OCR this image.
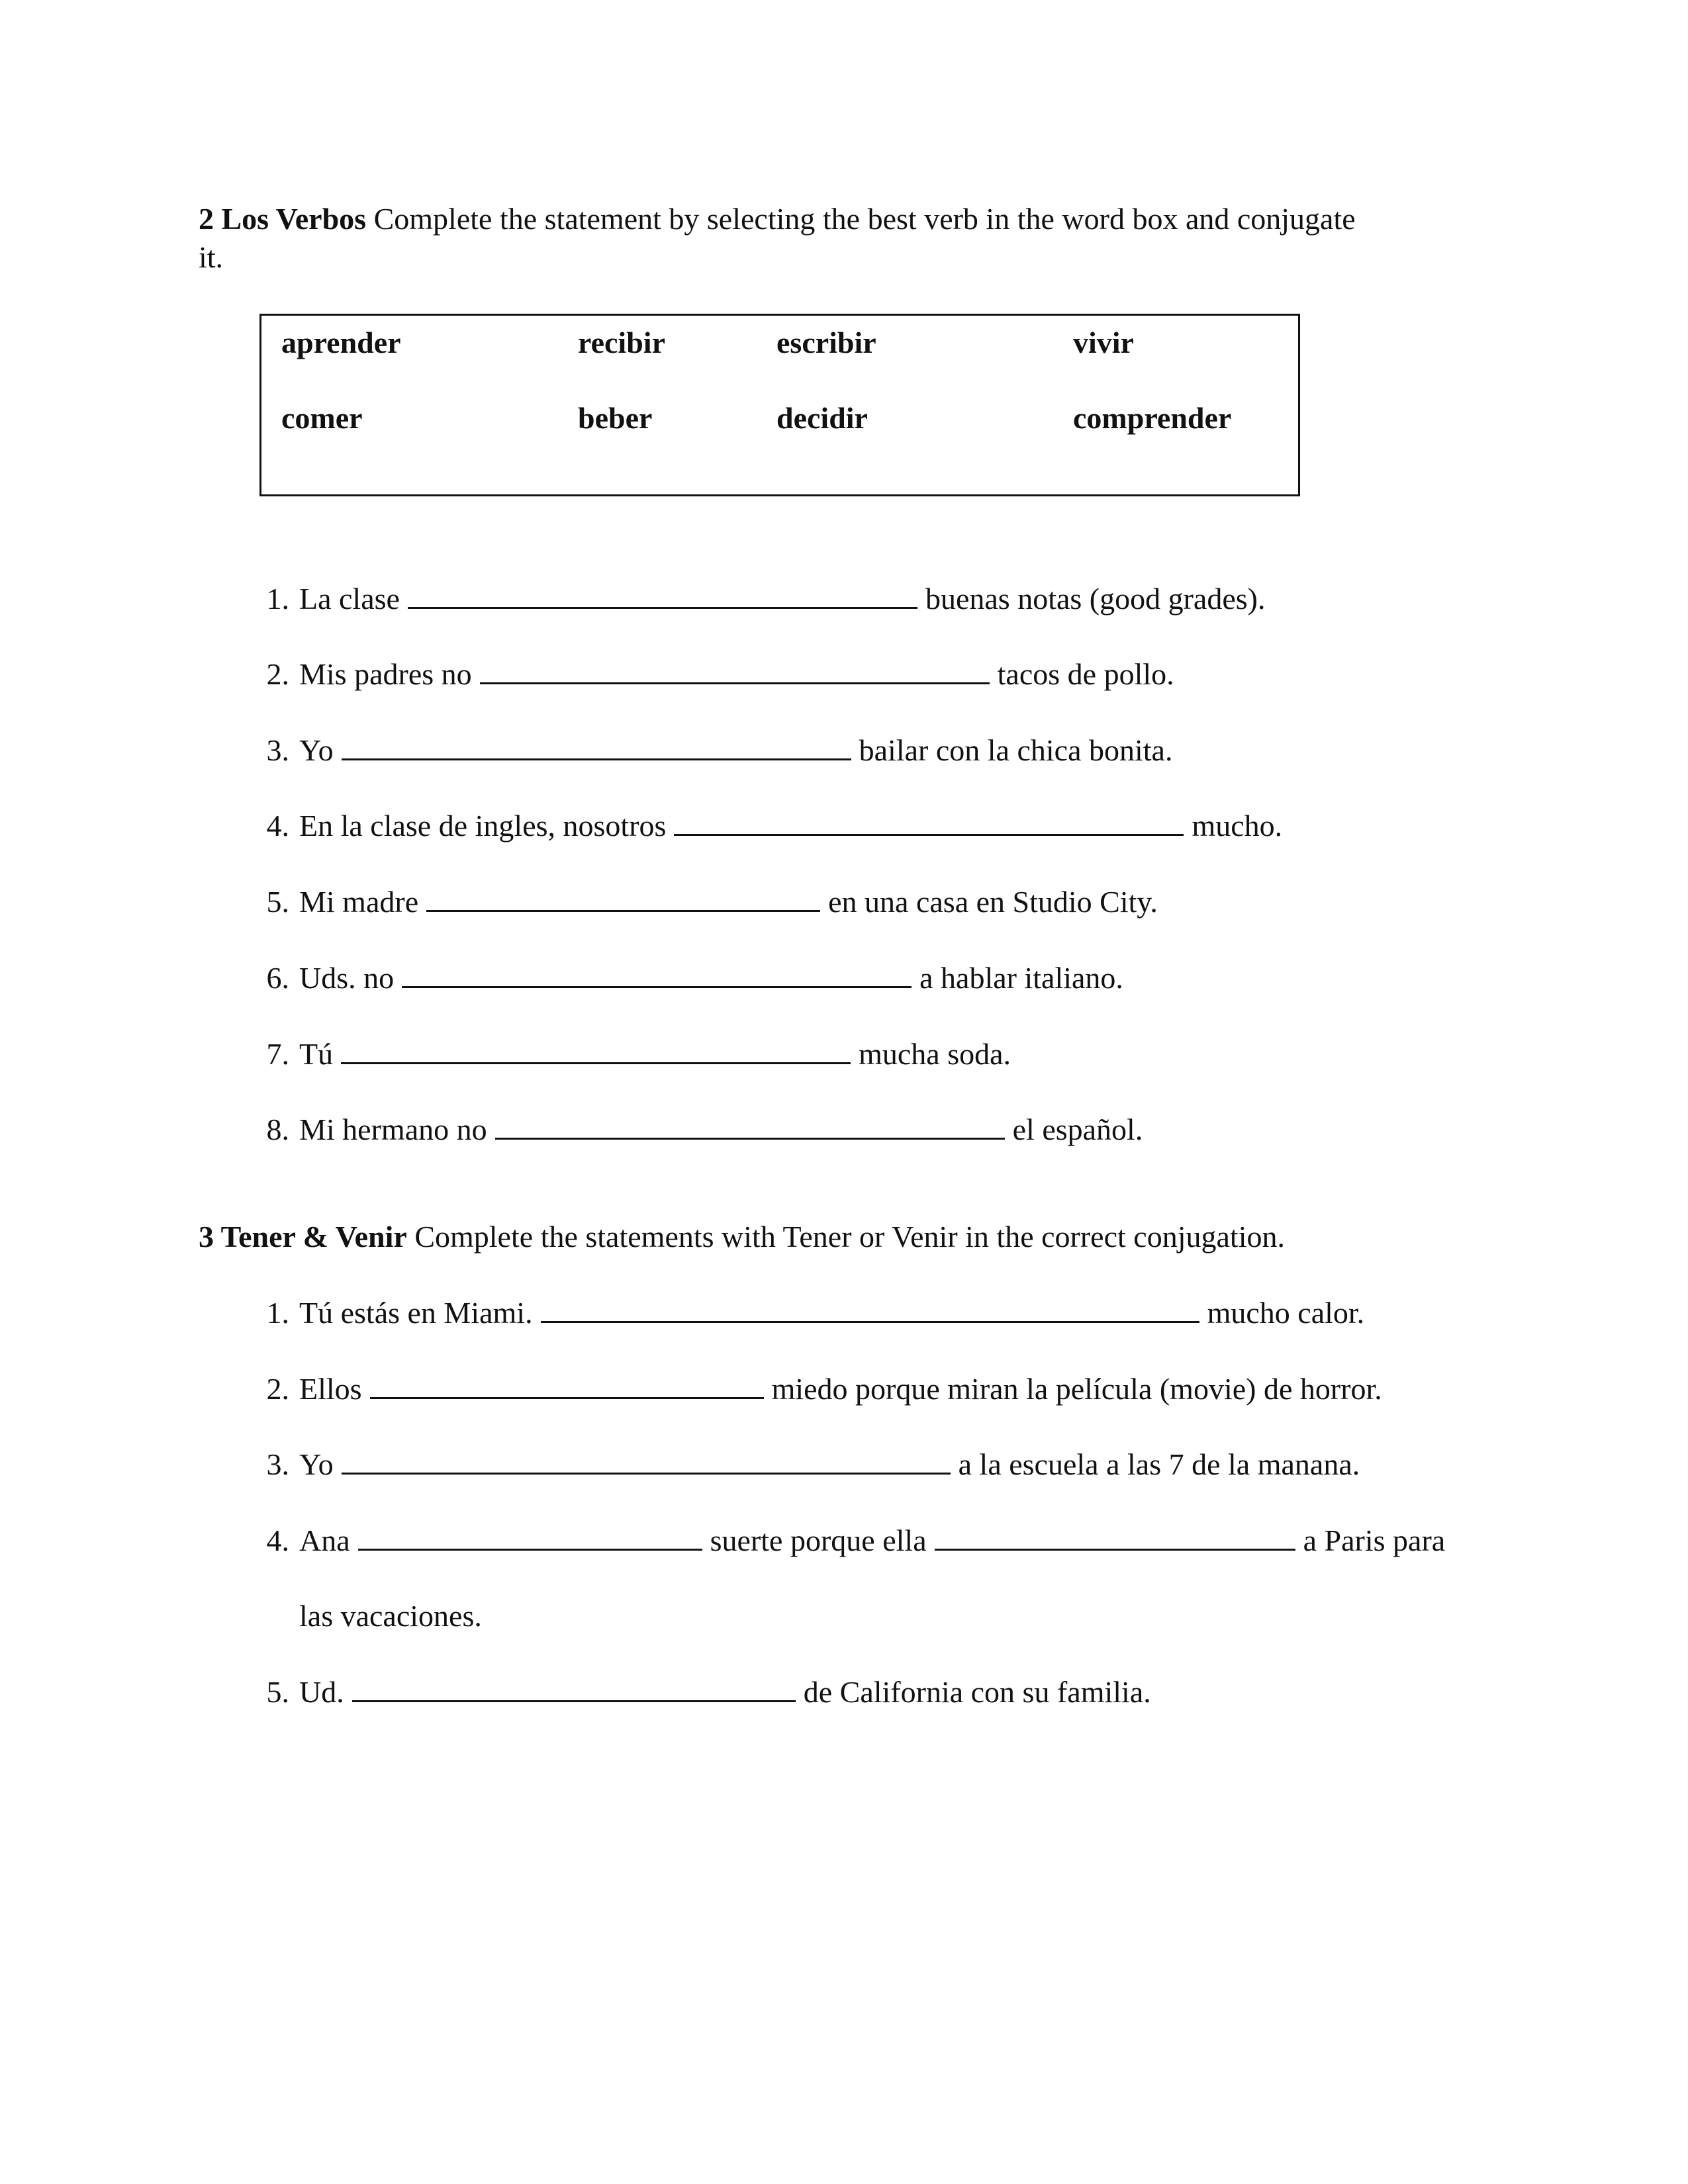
2 Los Verbos Complete the statement by selecting the best verb in the word box and conjugate
it.
aprender	recibir	escribir	vivir
comer	beber	decidir	comprender
1. La clase	buenas notas (good grades).
2. Mis padres no	tacos de pollo.
3. Yo	bailar con la chica bonita.
4. En la clase de ingles, nosotros	mucho.
5. Mi madre	en una casa en Studio City.
6. Uds. no	a hablar italiano.
7. Tú	mucha soda.
8. Mi hermano no	el español.
3 Tener & Venir Complete the statements with Tener or Venir in the correct conjugation.
1. Tú estás en Miami.	mucho calor.
2. Ellos	miedo porque miran la película (movie) de horror.
3. Yo	a la escuela a las 7 de la manana.
4. Ana	suerte porque ella	a Paris para
las vacaciones.
5. Ud.	de California con su familia.
